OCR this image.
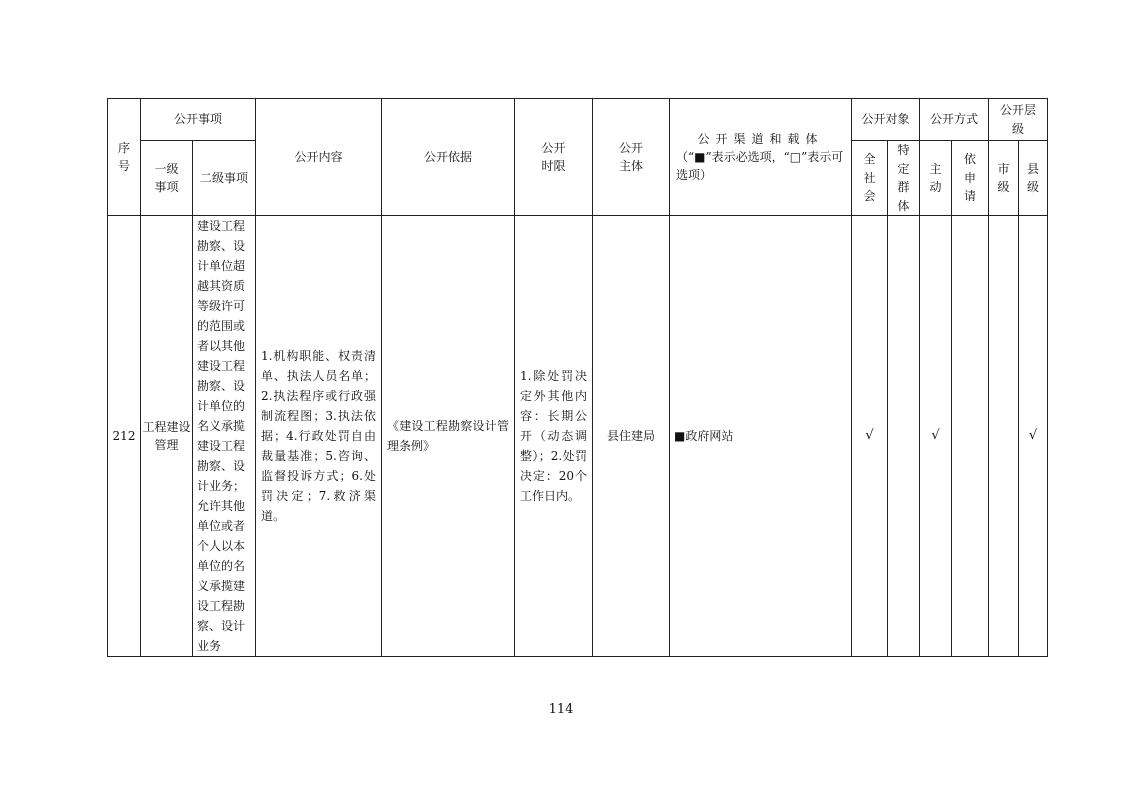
序号	公开事项		公开内容	公开依据	公开时限	公开主体	公开渠道和载体
（“■”表示必选项，“□”表示可选项）	公开对象		公开方式		公开层级	
	一级事项	二级事项						全社会	特定群体	主动	依申请	市级	县级
212	工程建设管理	建设工程勘察、设计单位超越其资质等级许可的范围或者以其他建设工程勘察、设计单位的名义承揽建设工程勘察、设计业务；允许其他单位或者个人以本单位的名义承揽建设工程勘察、设计业务	1.机构职能、权责清单、执法人员名单；2.执法程序或行政强制流程图；3.执法依据；4.行政处罚自由裁量基准；5.咨询、监督投诉方式；6.处罚决定；7.救济渠道。	《建设工程勘察设计管理条例》	1.除处罚决定外其他内容：长期公开（动态调整）；2.处罚决定：20个工作日内。	县住建局	■政府网站	√		√			√
114
